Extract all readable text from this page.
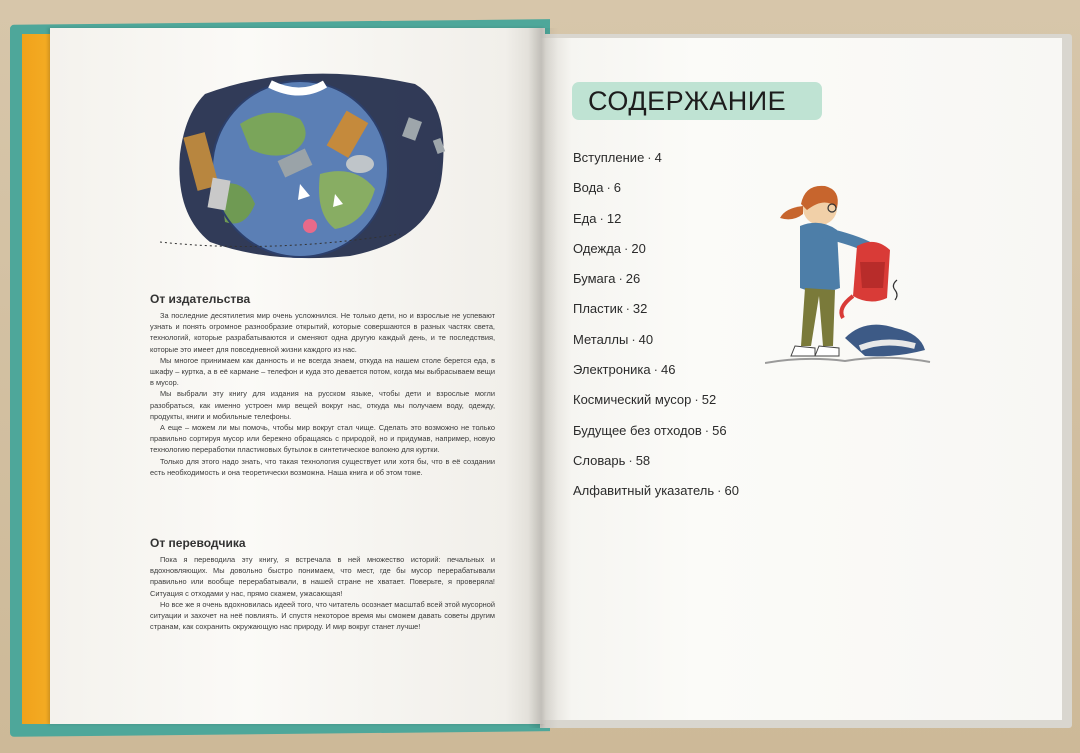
От издательства

За последние десятилетия мир очень усложнился. Не только дети, но и взрослые не успевают узнать и понять огромное разнообразие открытий, которые совершаются в разных частях света, технологий, которые разрабатываются и сменяют одна другую каждый день, и те последствия, которые это имеет для повседневной жизни каждого из нас.

Мы многое принимаем как данность и не всегда знаем, откуда на нашем столе берется еда, в шкафу – куртка, а в её кармане – телефон и куда это девается потом, когда мы выбрасываем вещи в мусор.

Мы выбрали эту книгу для издания на русском языке, чтобы дети и взрослые могли разобраться, как именно устроен мир вещей вокруг нас, откуда мы получаем воду, одежду, продукты, книги и мобильные телефоны.

А еще – можем ли мы помочь, чтобы мир вокруг стал чище. Сделать это возможно не только правильно сортируя мусор или бережно обращаясь с природой, но и придумав, например, новую технологию переработки пластиковых бутылок в синтетическое волокно для куртки.

Только для этого надо знать, что такая технология существует или хотя бы, что в её создании есть необходимость и она теоретически возможна. Наша книга и об этом тоже.

От переводчика

Пока я переводила эту книгу, я встречала в ней множество историй: печальных и вдохновляющих. Мы довольно быстро понимаем, что мест, где бы мусор перерабатывали правильно или вообще перерабатывали, в нашей стране не хватает. Поверьте, я проверяла! Ситуация с отходами у нас, прямо скажем, ужасающая!

Но все же я очень вдохновилась идеей того, что читатель осознает масштаб всей этой мусорной ситуации и захочет на неё повлиять. И спустя некоторое время мы сможем давать советы другим странам, как сохранить окружающую нас природу. И мир вокруг станет лучше!

СОДЕРЖАНИЕ
Вступление · 4
Вода · 6
Еда · 12
Одежда · 20
Бумага · 26
Пластик · 32
Металлы · 40
Электроника · 46
Космический мусор · 52
Будущее без отходов · 56
Словарь · 58
Алфавитный указатель · 60
